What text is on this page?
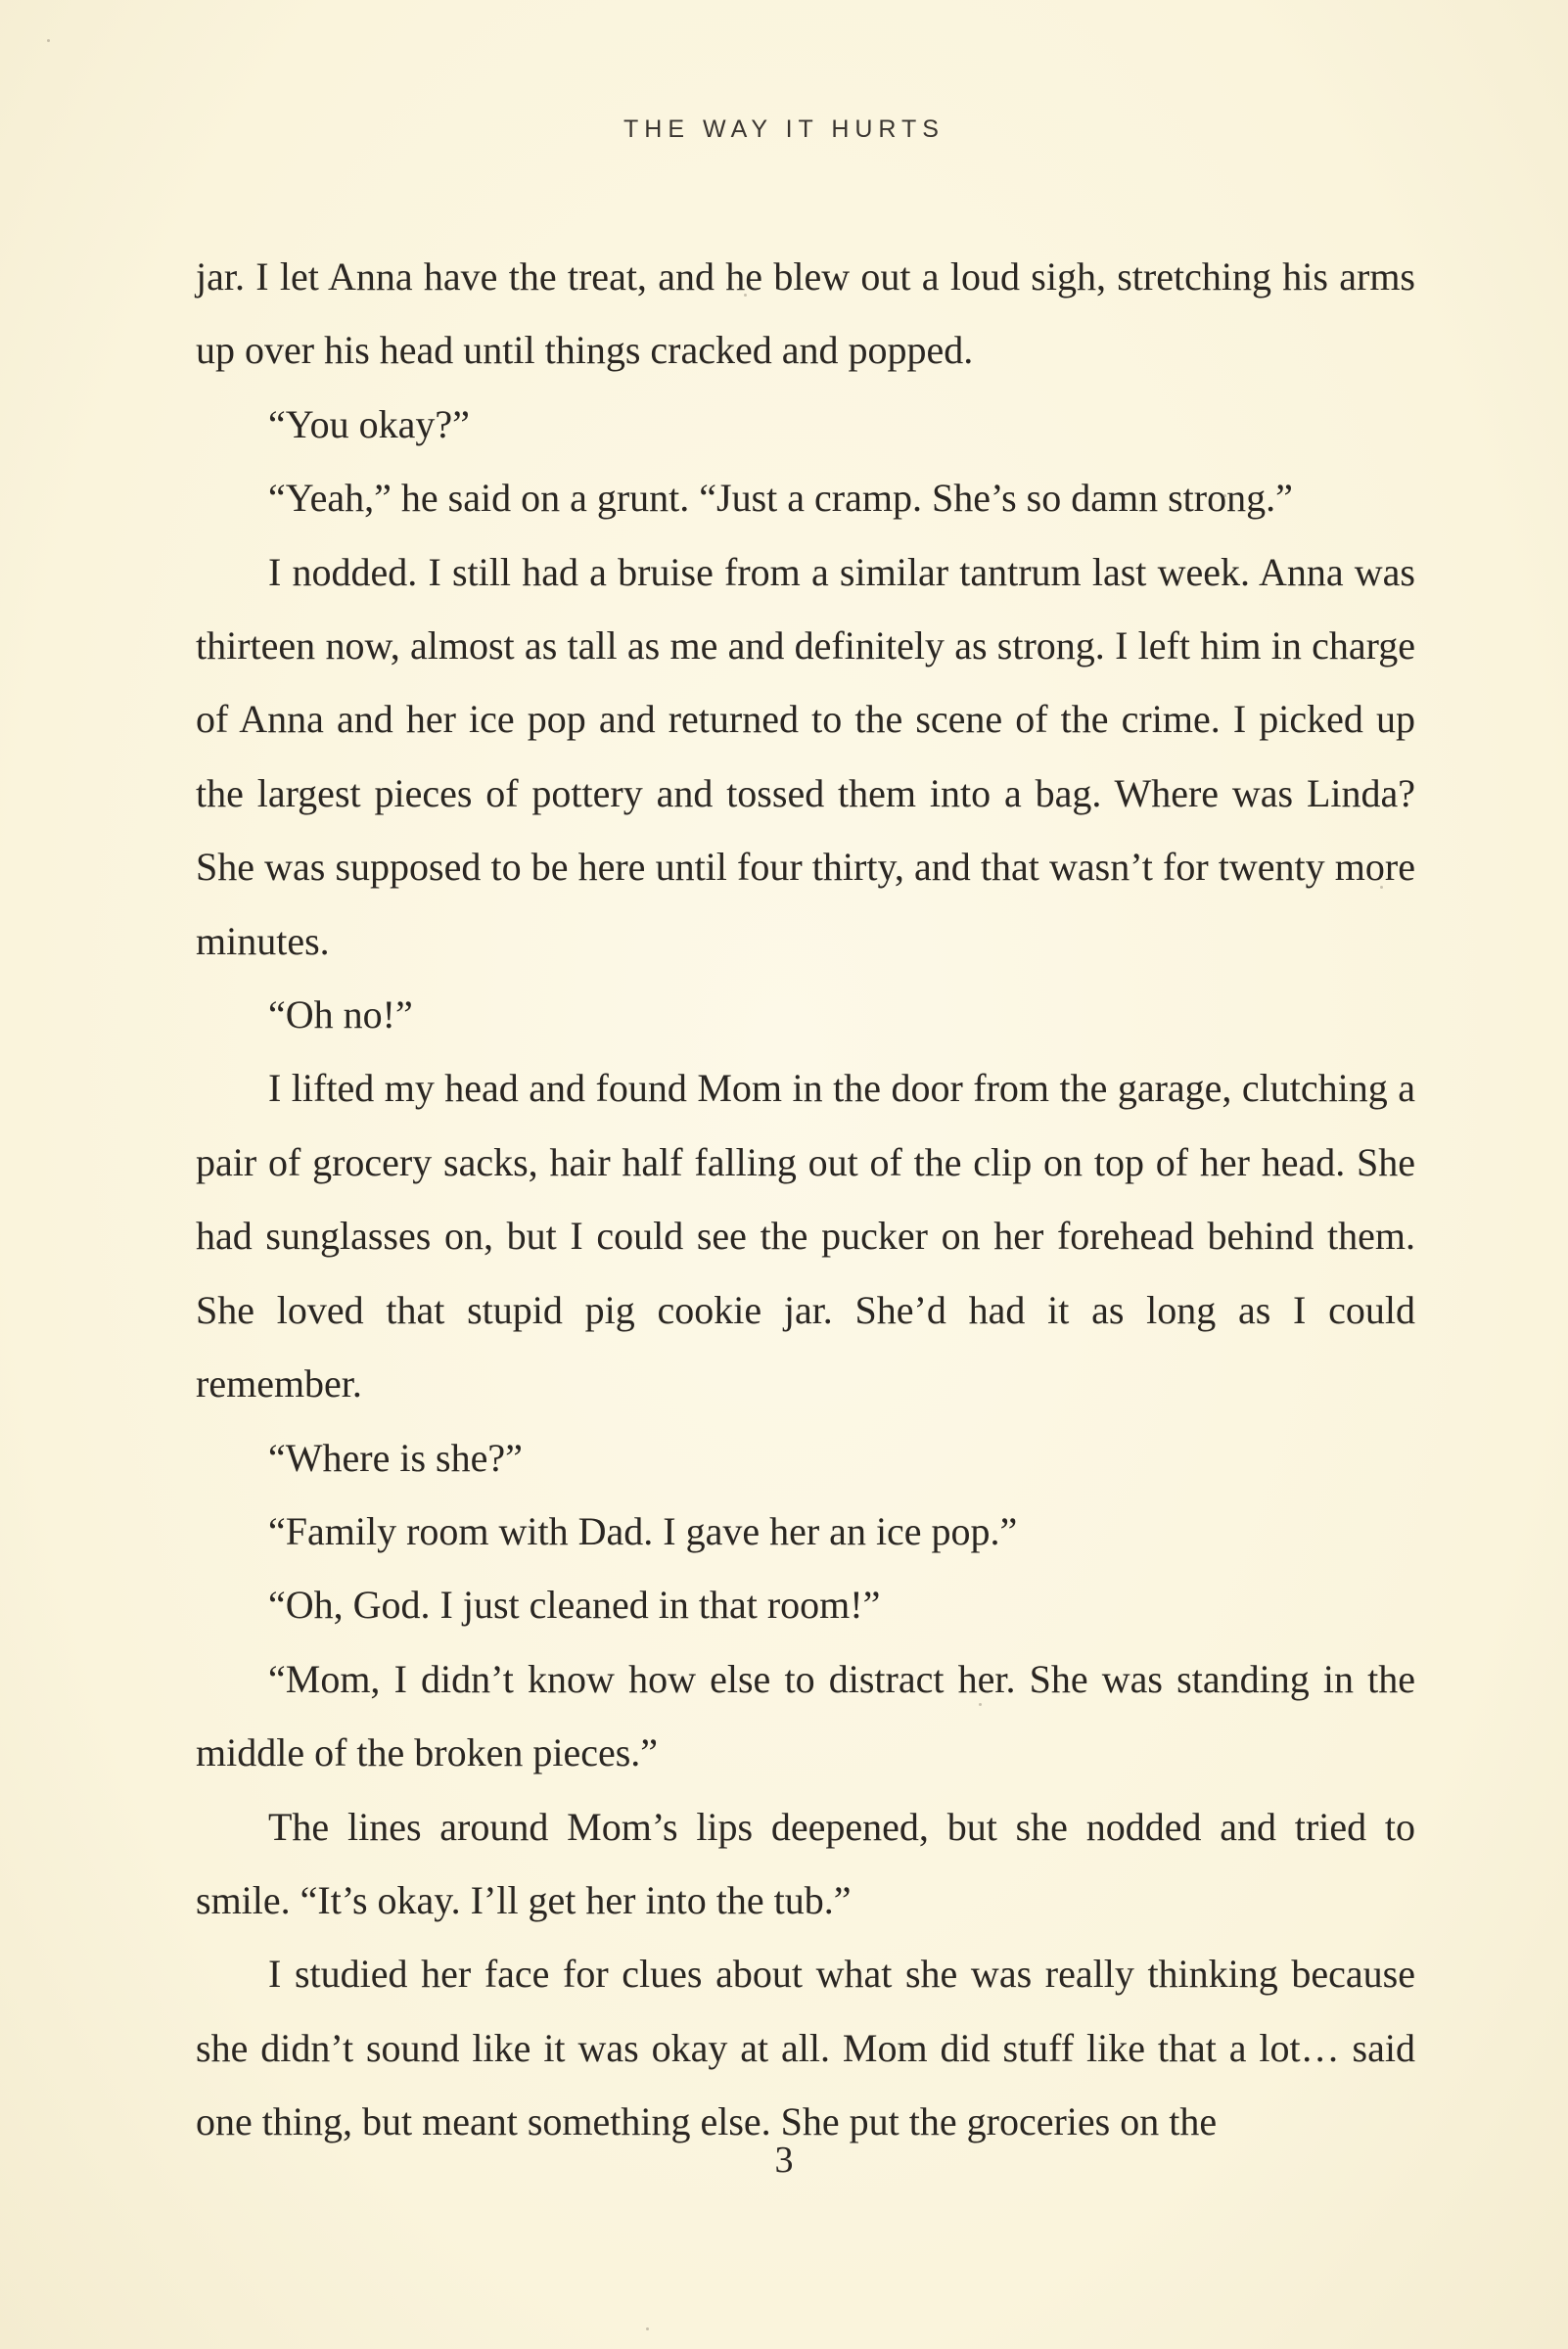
THE WAY IT HURTS

jar. I let Anna have the treat, and he blew out a loud sigh, stretching his arms up over his head until things cracked and popped.

“You okay?”

“Yeah,” he said on a grunt. “Just a cramp. She’s so damn strong.”

I nodded. I still had a bruise from a similar tantrum last week. Anna was thirteen now, almost as tall as me and definitely as strong. I left him in charge of Anna and her ice pop and returned to the scene of the crime. I picked up the largest pieces of pottery and tossed them into a bag. Where was Linda? She was supposed to be here until four thirty, and that wasn’t for twenty more minutes.

“Oh no!”

I lifted my head and found Mom in the door from the garage, clutching a pair of grocery sacks, hair half falling out of the clip on top of her head. She had sunglasses on, but I could see the pucker on her forehead behind them. She loved that stupid pig cookie jar. She’d had it as long as I could remember.

“Where is she?”

“Family room with Dad. I gave her an ice pop.”

“Oh, God. I just cleaned in that room!”

“Mom, I didn’t know how else to distract her. She was standing in the middle of the broken pieces.”

The lines around Mom’s lips deepened, but she nodded and tried to smile. “It’s okay. I’ll get her into the tub.”

I studied her face for clues about what she was really thinking because she didn’t sound like it was okay at all. Mom did stuff like that a lot… said one thing, but meant something else. She put the groceries on the

3
